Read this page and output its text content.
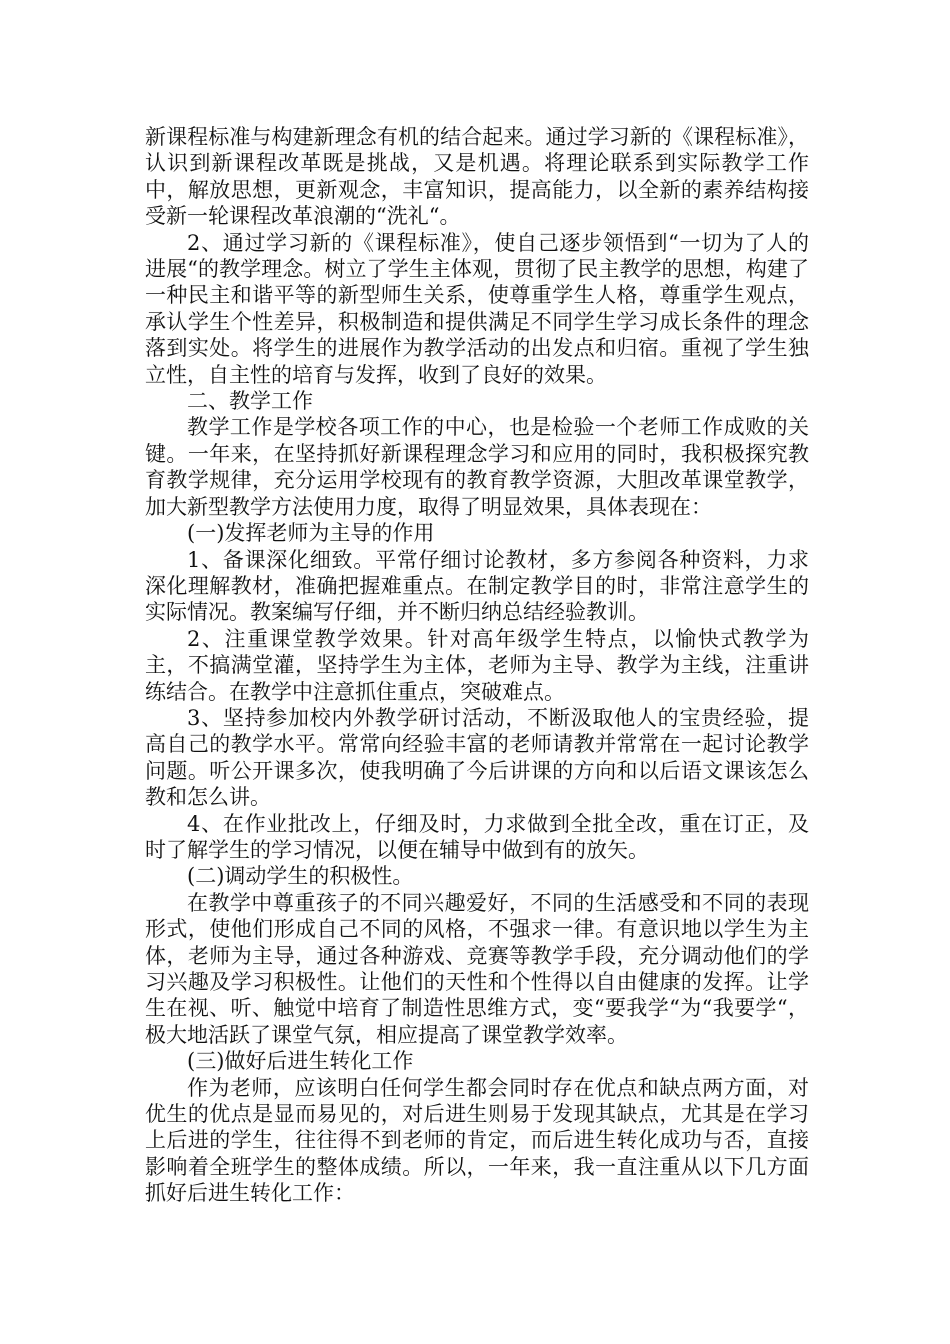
新课程标准与构建新理念有机的结合起来。通过学习新的《课程标准》，认识到新课程改革既是挑战，又是机遇。将理论联系到实际教学工作中，解放思想，更新观念，丰富知识，提高能力，以全新的素养结构接受新一轮课程改革浪潮的“洗礼“。

2、通过学习新的《课程标准》，使自己逐步领悟到“一切为了人的进展“的教学理念。树立了学生主体观，贯彻了民主教学的思想，构建了一种民主和谐平等的新型师生关系，使尊重学生人格，尊重学生观点，承认学生个性差异，积极制造和提供满足不同学生学习成长条件的理念落到实处。将学生的进展作为教学活动的出发点和归宿。重视了学生独立性，自主性的培育与发挥，收到了良好的效果。

二、教学工作

教学工作是学校各项工作的中心，也是检验一个老师工作成败的关键。一年来，在坚持抓好新课程理念学习和应用的同时，我积极探究教育教学规律，充分运用学校现有的教育教学资源，大胆改革课堂教学，加大新型教学方法使用力度，取得了明显效果，具体表现在：

(一)发挥老师为主导的作用

1、备课深化细致。平常仔细讨论教材，多方参阅各种资料，力求深化理解教材，准确把握难重点。在制定教学目的时，非常注意学生的实际情况。教案编写仔细，并不断归纳总结经验教训。

2、注重课堂教学效果。针对高年级学生特点，以愉快式教学为主，不搞满堂灌，坚持学生为主体，老师为主导、教学为主线，注重讲练结合。在教学中注意抓住重点，突破难点。

3、坚持参加校内外教学研讨活动，不断汲取他人的宝贵经验，提高自己的教学水平。常常向经验丰富的老师请教并常常在一起讨论教学问题。听公开课多次，使我明确了今后讲课的方向和以后语文课该怎么教和怎么讲。

4、在作业批改上，仔细及时，力求做到全批全改，重在订正，及时了解学生的学习情况，以便在辅导中做到有的放矢。

(二)调动学生的积极性。

在教学中尊重孩子的不同兴趣爱好，不同的生活感受和不同的表现形式，使他们形成自己不同的风格，不强求一律。有意识地以学生为主体，老师为主导，通过各种游戏、竞赛等教学手段，充分调动他们的学习兴趣及学习积极性。让他们的天性和个性得以自由健康的发挥。让学生在视、听、触觉中培育了制造性思维方式，变“要我学“为“我要学“，极大地活跃了课堂气氛，相应提高了课堂教学效率。

(三)做好后进生转化工作

作为老师，应该明白任何学生都会同时存在优点和缺点两方面，对优生的优点是显而易见的，对后进生则易于发现其缺点，尤其是在学习上后进的学生，往往得不到老师的肯定，而后进生转化成功与否，直接影响着全班学生的整体成绩。所以，一年来，我一直注重从以下几方面抓好后进生转化工作：
